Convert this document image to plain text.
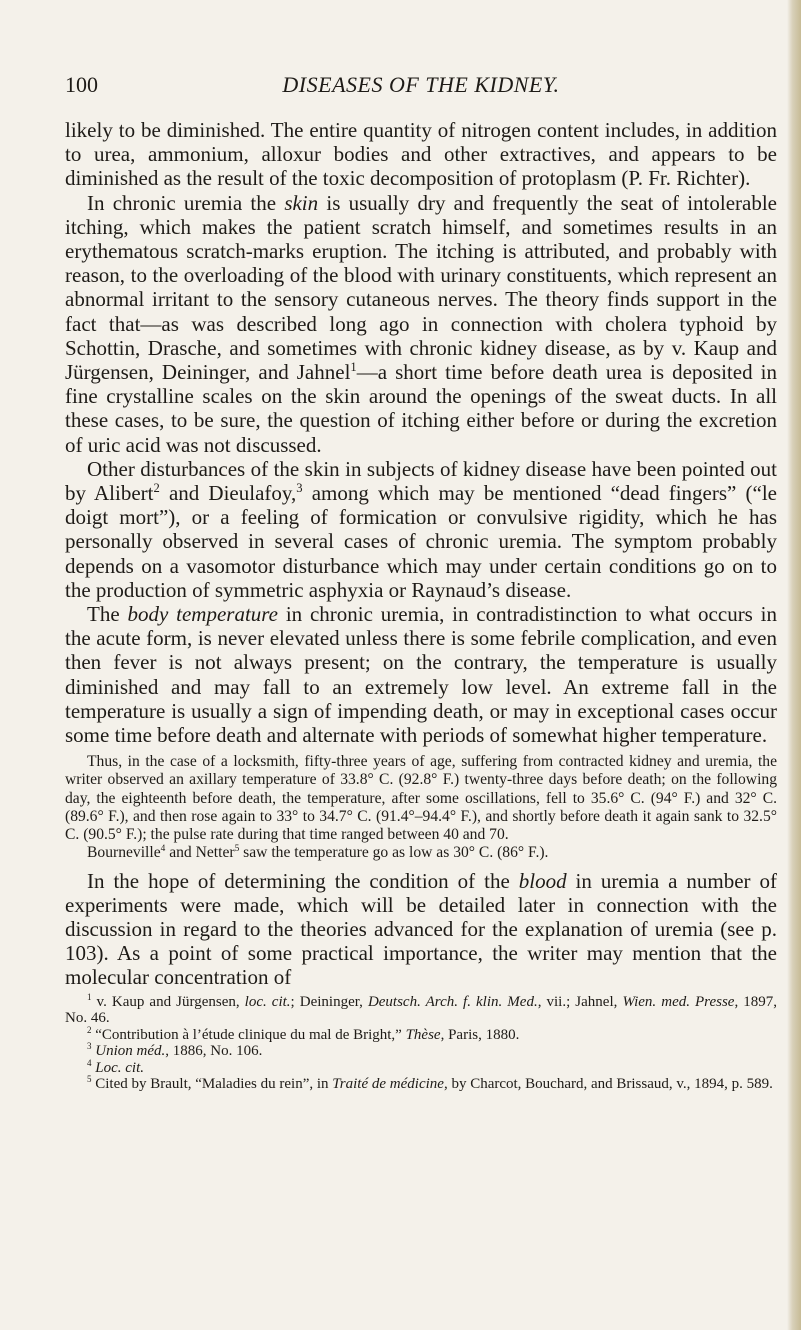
100	DISEASES OF THE KIDNEY.

likely to be diminished. The entire quantity of nitrogen content includes, in addition to urea, ammonium, alloxur bodies and other extractives, and appears to be diminished as the result of the toxic decomposition of protoplasm (P. Fr. Richter).

In chronic uremia the skin is usually dry and frequently the seat of intolerable itching, which makes the patient scratch himself, and sometimes results in an erythematous scratch-marks eruption. The itching is attributed, and probably with reason, to the overloading of the blood with urinary constituents, which represent an abnormal irritant to the sensory cutaneous nerves. The theory finds support in the fact that—as was described long ago in connection with cholera typhoid by Schottin, Drasche, and sometimes with chronic kidney disease, as by v. Kaup and Jürgensen, Deininger, and Jahnel$^1$—a short time before death urea is deposited in fine crystalline scales on the skin around the openings of the sweat ducts. In all these cases, to be sure, the question of itching either before or during the excretion of uric acid was not discussed.

Other disturbances of the skin in subjects of kidney disease have been pointed out by Alibert$^2$ and Dieulafoy,$^3$ among which may be mentioned “dead fingers” (“le doigt mort”), or a feeling of formication or convulsive rigidity, which he has personally observed in several cases of chronic uremia. The symptom probably depends on a vasomotor disturbance which may under certain conditions go on to the production of symmetric asphyxia or Raynaud’s disease.

The body temperature in chronic uremia, in contradistinction to what occurs in the acute form, is never elevated unless there is some febrile complication, and even then fever is not always present; on the contrary, the temperature is usually diminished and may fall to an extremely low level. An extreme fall in the temperature is usually a sign of impending death, or may in exceptional cases occur some time before death and alternate with periods of somewhat higher temperature.

Thus, in the case of a locksmith, fifty-three years of age, suffering from contracted kidney and uremia, the writer observed an axillary temperature of 33.8° C. (92.8° F.) twenty-three days before death; on the following day, the eighteenth before death, the temperature, after some oscillations, fell to 35.6° C. (94° F.) and 32° C. (89.6° F.), and then rose again to 33° to 34.7° C. (91.4°–94.4° F.), and shortly before death it again sank to 32.5° C. (90.5° F.); the pulse rate during that time ranged between 40 and 70.

Bourneville$^4$ and Netter$^5$ saw the temperature go as low as 30° C. (86° F.).

In the hope of determining the condition of the blood in uremia a number of experiments were made, which will be detailed later in connection with the discussion in regard to the theories advanced for the explanation of uremia (see p. 103). As a point of some practical importance, the writer may mention that the molecular concentration of

$^1$ v. Kaup and Jürgensen, loc. cit.; Deininger, Deutsch. Arch. f. klin. Med., vii.; Jahnel, Wien. med. Presse, 1897, No. 46.

$^2$ “Contribution à l’étude clinique du mal de Bright,” Thèse, Paris, 1880.

$^3$ Union méd., 1886, No. 106.

$^4$ Loc. cit.

$^5$ Cited by Brault, “Maladies du rein”, in Traité de médicine, by Charcot, Bouchard, and Brissaud, v., 1894, p. 589.
